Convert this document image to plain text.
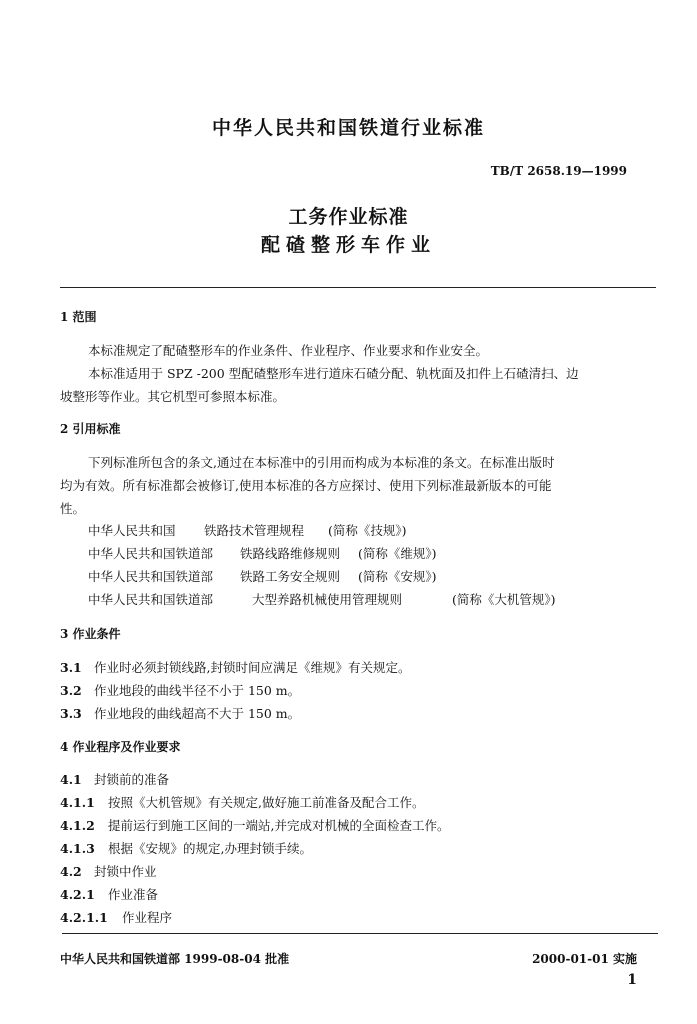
中华人民共和国铁道行业标准
TB/T 2658.19—1999
工务作业标准
配碴整形车作业
1 范围
本标准规定了配碴整形车的作业条件、作业程序、作业要求和作业安全。
本标准适用于 SPZ -200 型配碴整形车进行道床石碴分配、轨枕面及扣件上石碴清扫、边
坡整形等作业。其它机型可参照本标准。
2 引用标准
下列标准所包含的条文,通过在本标准中的引用而构成为本标准的条文。在标准出版时
均为有效。所有标准都会被修订,使用本标准的各方应探讨、使用下列标准最新版本的可能
性。
中华人民共和国 铁路技术管理规程 (简称《技规》)
中华人民共和国铁道部 铁路线路维修规则 (简称《维规》)
中华人民共和国铁道部 铁路工务安全规则 (简称《安规》)
中华人民共和国铁道部	大型养路机械使用管理规则	(简称《大机管规》)
3 作业条件
3.1 作业时必须封锁线路,封锁时间应满足《维规》有关规定。
3.2 作业地段的曲线半径不小于 150 m。
3.3 作业地段的曲线超高不大于 150 m。
4 作业程序及作业要求
4.1 封锁前的准备
4.1.1 按照《大机管规》有关规定,做好施工前准备及配合工作。
4.1.2 提前运行到施工区间的一端站,并完成对机械的全面检查工作。
4.1.3 根据《安规》的规定,办理封锁手续。
4.2 封锁中作业
4.2.1 作业准备
4.2.1.1 作业程序
中华人民共和国铁道部 1999-08-04 批准	2000-01-01 实施
1
